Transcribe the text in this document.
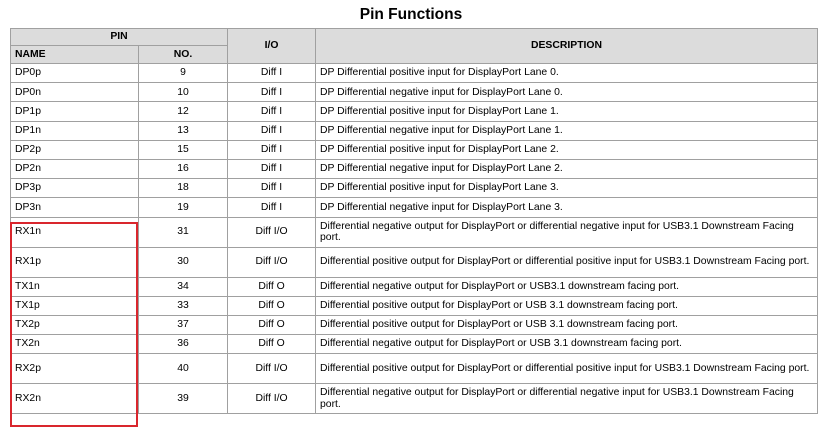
Pin Functions
PIN		I/O	DESCRIPTION
NAME	NO.		
DP0p	9	Diff I	DP Differential positive input for DisplayPort Lane 0.
DP0n	10	Diff I	DP Differential negative input for DisplayPort Lane 0.
DP1p	12	Diff I	DP Differential positive input for DisplayPort Lane 1.
DP1n	13	Diff I	DP Differential negative input for DisplayPort Lane 1.
DP2p	15	Diff I	DP Differential positive input for DisplayPort Lane 2.
DP2n	16	Diff I	DP Differential negative input for DisplayPort Lane 2.
DP3p	18	Diff I	DP Differential positive input for DisplayPort Lane 3.
DP3n	19	Diff I	DP Differential negative input for DisplayPort Lane 3.
RX1n	31	Diff I/O	Differential negative output for DisplayPort or differential negative input for USB3.1 Downstream Facing port.
RX1p	30	Diff I/O	Differential positive output for DisplayPort or differential positive input for USB3.1 Downstream Facing port.
TX1n	34	Diff O	Differential negative output for DisplayPort or USB3.1 downstream facing port.
TX1p	33	Diff O	Differential positive output for DisplayPort or USB 3.1 downstream facing port.
TX2p	37	Diff O	Differential positive output for DisplayPort or USB 3.1 downstream facing port.
TX2n	36	Diff O	Differential negative output for DisplayPort or USB 3.1 downstream facing port.
RX2p	40	Diff I/O	Differential positive output for DisplayPort or differential positive input for USB3.1 Downstream Facing port.
RX2n	39	Diff I/O	Differential negative output for DisplayPort or differential negative input for USB3.1 Downstream Facing port.
